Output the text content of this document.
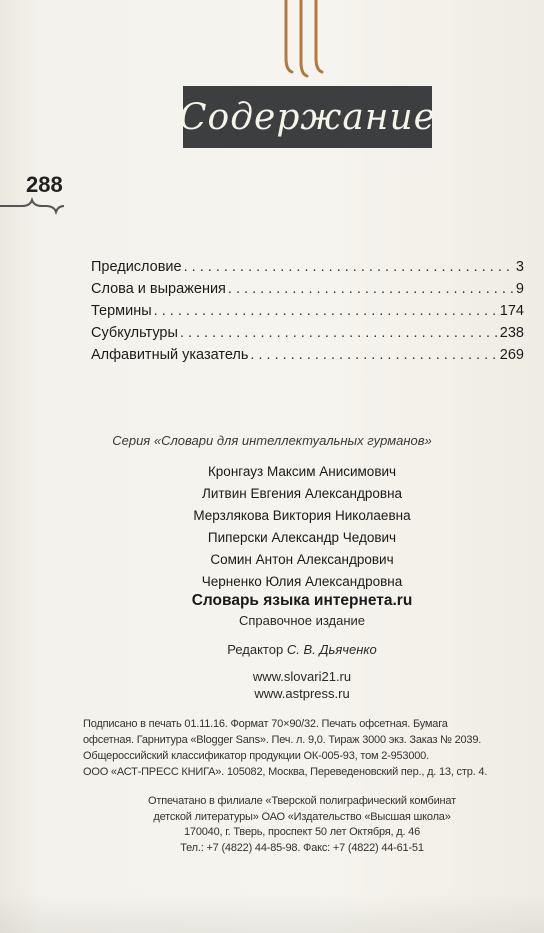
Содержание
288
Предисловие . . .	3
Слова и выражения . . .	9
Термины . . .	174
Субкультуры . . .	238
Алфавитный указатель . . .	269
Серия «Словари для интеллектуальных гурманов»
Кронгауз Максим Анисимович
Литвин Евгения Александровна
Мерзлякова Виктория Николаевна
Пиперски Александр Чедович
Сомин Антон Александрович
Черненко Юлия Александровна
Словарь языка интернета.ru
Справочное издание
Редактор С. В. Дьяченко
www.slovari21.ru
www.astpress.ru
Подписано в печать 01.11.16. Формат 70×90/32. Печать офсетная. Бумага
офсетная. Гарнитура «Blogger Sans». Печ. л. 9,0. Тираж 3000 экз. Заказ № 2039.
Общероссийский классификатор продукции ОК-005-93, том 2-953000.
ООО «АСТ-ПРЕСС КНИГА». 105082, Москва, Переведеновский пер., д. 13, стр. 4.
Отпечатано в филиале «Тверской полиграфический комбинат
детской литературы» ОАО «Издательство «Высшая школа»
170040, г. Тверь, проспект 50 лет Октября, д. 46
Тел.: +7 (4822) 44-85-98. Факс: +7 (4822) 44-61-51
